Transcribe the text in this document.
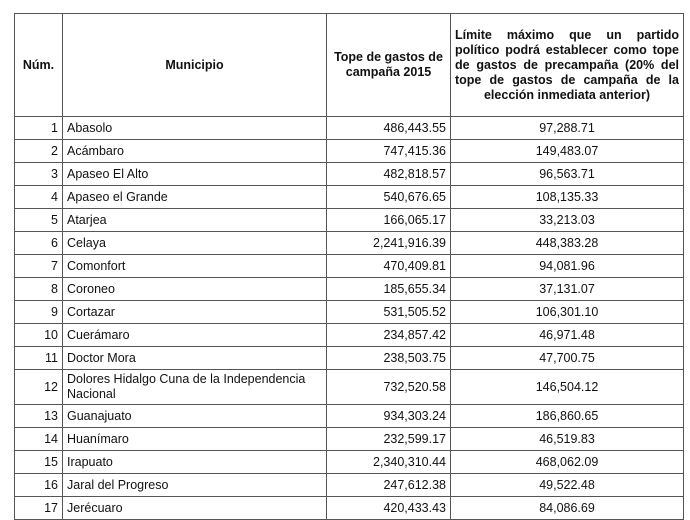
Núm.	Municipio	Tope de gastos de campaña 2015	Límite máximo que un partido político podrá establecer como tope de gastos de precampaña (20% del tope de gastos de campaña de la elección inmediata anterior)
1	Abasolo	486,443.55	97,288.71
2	Acámbaro	747,415.36	149,483.07
3	Apaseo El Alto	482,818.57	96,563.71
4	Apaseo el Grande	540,676.65	108,135.33
5	Atarjea	166,065.17	33,213.03
6	Celaya	2,241,916.39	448,383.28
7	Comonfort	470,409.81	94,081.96
8	Coroneo	185,655.34	37,131.07
9	Cortazar	531,505.52	106,301.10
10	Cuerámaro	234,857.42	46,971.48
11	Doctor Mora	238,503.75	47,700.75
12	Dolores Hidalgo Cuna de la Independencia Nacional	732,520.58	146,504.12
13	Guanajuato	934,303.24	186,860.65
14	Huanímaro	232,599.17	46,519.83
15	Irapuato	2,340,310.44	468,062.09
16	Jaral del Progreso	247,612.38	49,522.48
17	Jerécuaro	420,433.43	84,086.69
